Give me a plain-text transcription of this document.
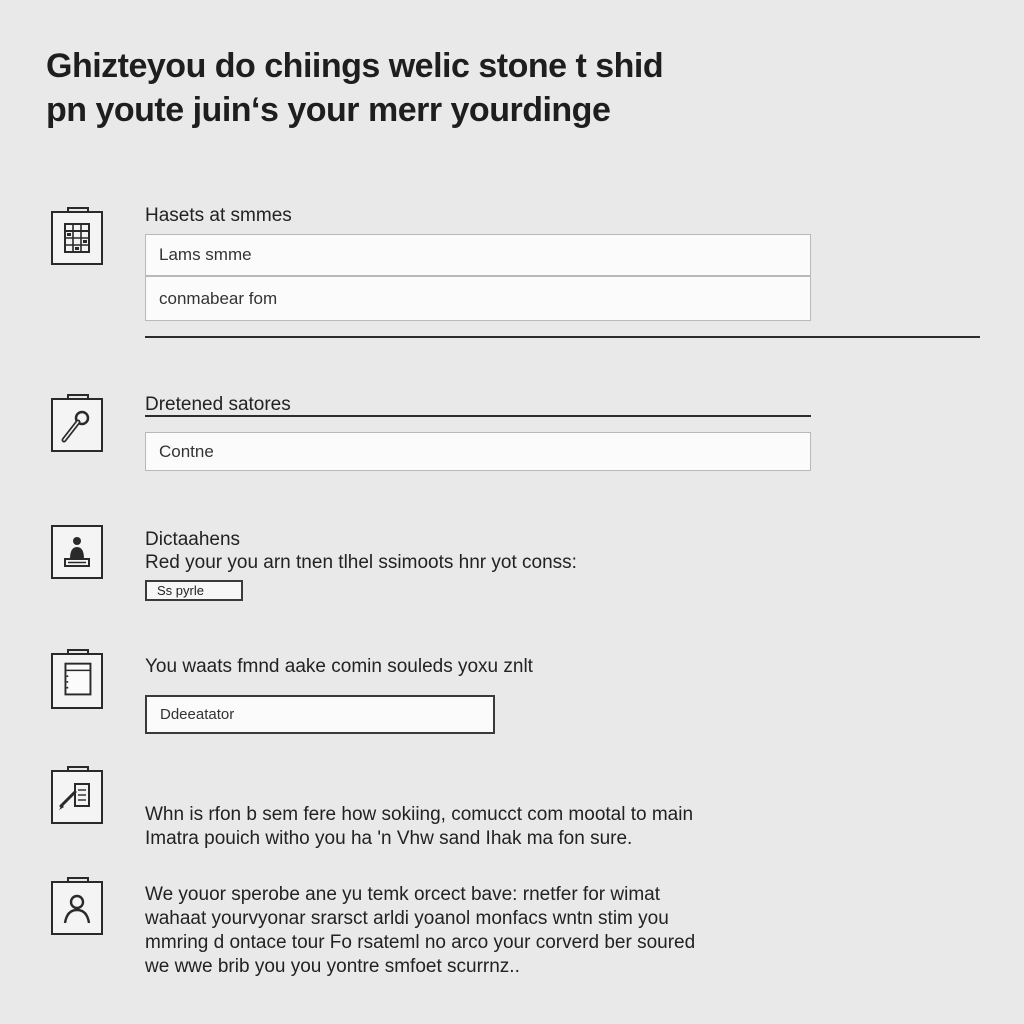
Ghizteyou do chiings welic stone t shid
pn youte juin‘s your merr yourdinge
Hasets at smmes
Lams smme
conmabear fom
Dretened satores
Contne
Dictaahens
Red your you arn tnen tlhel ssimoots hnr yot conss:
Ss pyrle
You waats fmnd aake comin souleds yoxu znlt
Ddeeatator
Whn is rfon b sem fere how sokiing, comucct com mootal to main
Imatra pouich witho you ha 'n Vhw sand Ihak ma fon sure.
We youor sperobe ane yu temk orcect bave: rnetfer for wimat
wahaat yourvyonar srarsct arldi yoanol monfacs wntn stim you
mmring d ontace tour Fo rsateml no arco your corverd ber soured
we wwe brib you you yontre smfoet scurrnz..
